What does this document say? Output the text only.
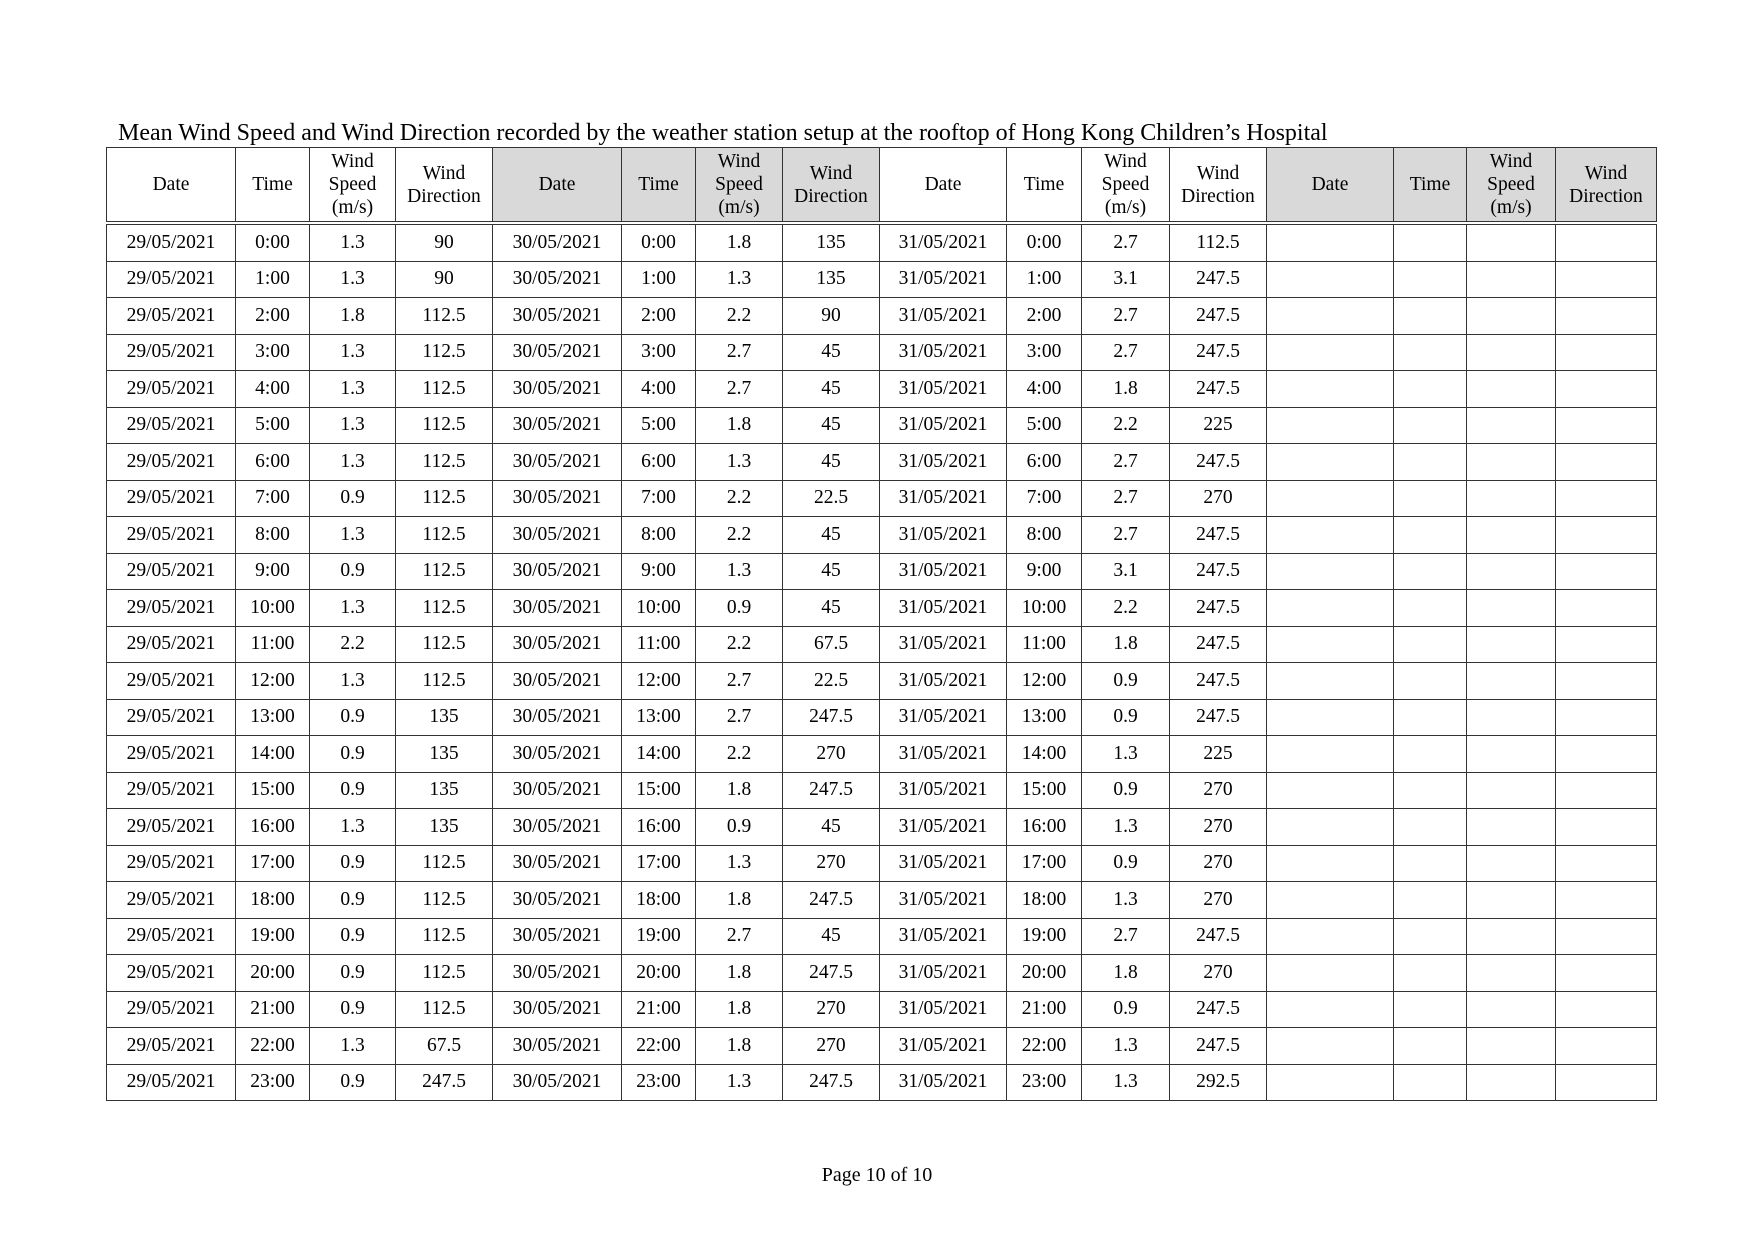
Mean Wind Speed and Wind Direction recorded by the weather station setup at the rooftop of Hong Kong Children’s Hospital
Date	Time	Wind Speed (m/s)	Wind Direction	Date	Time	Wind Speed (m/s)	Wind Direction	Date	Time	Wind Speed (m/s)	Wind Direction	Date	Time	Wind Speed (m/s)	Wind Direction
29/05/2021	0:00	1.3	90	30/05/2021	0:00	1.8	135	31/05/2021	0:00	2.7	112.5				
29/05/2021	1:00	1.3	90	30/05/2021	1:00	1.3	135	31/05/2021	1:00	3.1	247.5				
29/05/2021	2:00	1.8	112.5	30/05/2021	2:00	2.2	90	31/05/2021	2:00	2.7	247.5				
29/05/2021	3:00	1.3	112.5	30/05/2021	3:00	2.7	45	31/05/2021	3:00	2.7	247.5				
29/05/2021	4:00	1.3	112.5	30/05/2021	4:00	2.7	45	31/05/2021	4:00	1.8	247.5				
29/05/2021	5:00	1.3	112.5	30/05/2021	5:00	1.8	45	31/05/2021	5:00	2.2	225				
29/05/2021	6:00	1.3	112.5	30/05/2021	6:00	1.3	45	31/05/2021	6:00	2.7	247.5				
29/05/2021	7:00	0.9	112.5	30/05/2021	7:00	2.2	22.5	31/05/2021	7:00	2.7	270				
29/05/2021	8:00	1.3	112.5	30/05/2021	8:00	2.2	45	31/05/2021	8:00	2.7	247.5				
29/05/2021	9:00	0.9	112.5	30/05/2021	9:00	1.3	45	31/05/2021	9:00	3.1	247.5				
29/05/2021	10:00	1.3	112.5	30/05/2021	10:00	0.9	45	31/05/2021	10:00	2.2	247.5				
29/05/2021	11:00	2.2	112.5	30/05/2021	11:00	2.2	67.5	31/05/2021	11:00	1.8	247.5				
29/05/2021	12:00	1.3	112.5	30/05/2021	12:00	2.7	22.5	31/05/2021	12:00	0.9	247.5				
29/05/2021	13:00	0.9	135	30/05/2021	13:00	2.7	247.5	31/05/2021	13:00	0.9	247.5				
29/05/2021	14:00	0.9	135	30/05/2021	14:00	2.2	270	31/05/2021	14:00	1.3	225				
29/05/2021	15:00	0.9	135	30/05/2021	15:00	1.8	247.5	31/05/2021	15:00	0.9	270				
29/05/2021	16:00	1.3	135	30/05/2021	16:00	0.9	45	31/05/2021	16:00	1.3	270				
29/05/2021	17:00	0.9	112.5	30/05/2021	17:00	1.3	270	31/05/2021	17:00	0.9	270				
29/05/2021	18:00	0.9	112.5	30/05/2021	18:00	1.8	247.5	31/05/2021	18:00	1.3	270				
29/05/2021	19:00	0.9	112.5	30/05/2021	19:00	2.7	45	31/05/2021	19:00	2.7	247.5				
29/05/2021	20:00	0.9	112.5	30/05/2021	20:00	1.8	247.5	31/05/2021	20:00	1.8	270				
29/05/2021	21:00	0.9	112.5	30/05/2021	21:00	1.8	270	31/05/2021	21:00	0.9	247.5				
29/05/2021	22:00	1.3	67.5	30/05/2021	22:00	1.8	270	31/05/2021	22:00	1.3	247.5				
29/05/2021	23:00	0.9	247.5	30/05/2021	23:00	1.3	247.5	31/05/2021	23:00	1.3	292.5				
Page 10 of 10
